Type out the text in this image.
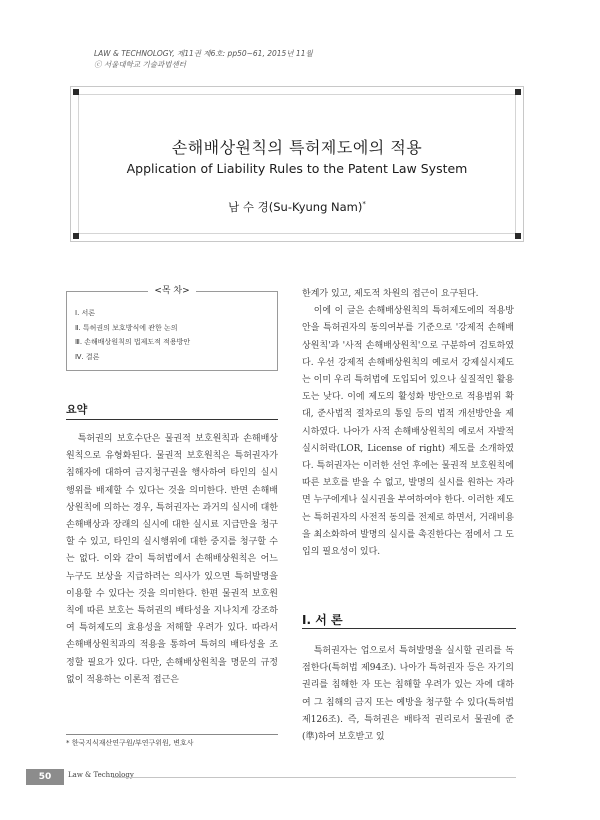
LAW & TECHNOLOGY, 제11권 제6호: pp50~61, 2015년 11월
ⓒ 서울대학교 기술과법센터
손해배상원칙의 특허제도에의 적용
Application of Liability Rules to the Patent Law System
남 수 경(Su-Kyung Nam)*
<목 차>
Ⅰ. 서론
Ⅱ. 특허권의 보호방식에 관한 논의
Ⅲ. 손해배상원칙의 법제도적 적용방안
Ⅳ. 결론
요약

특허권의 보호수단은 물권적 보호원칙과 손해배상원칙으로 유형화된다. 물권적 보호원칙은 특허권자가 침해자에 대하여 금지청구권을 행사하여 타인의 실시행위를 배제할 수 있다는 것을 의미한다. 반면 손해배상원칙에 의하는 경우, 특허권자는 과거의 실시에 대한 손해배상과 장래의 실시에 대한 실시료 지급만을 청구할 수 있고, 타인의 실시행위에 대한 중지를 청구할 수는 없다. 이와 같이 특허법에서 손해배상원칙은 어느 누구도 보상을 지급하려는 의사가 있으면 특허발명을 이용할 수 있다는 것을 의미한다. 한편 물권적 보호원칙에 따른 보호는 특허권의 배타성을 지나치게 강조하여 특허제도의 효용성을 저해할 우려가 있다. 따라서 손해배상원칙과의 적용을 통하여 특허의 배타성을 조정할 필요가 있다. 다만, 손해배상원칙을 명문의 규정 없이 적용하는 이론적 접근은

한계가 있고, 제도적 차원의 접근이 요구된다.

이에 이 글은 손해배상원칙의 특허제도에의 적용방안을 특허권자의 동의여부를 기준으로 '강제적 손해배상원칙'과 '사적 손해배상원칙'으로 구분하여 검토하였다. 우선 강제적 손해배상원칙의 예로서 강제실시제도는 이미 우리 특허법에 도입되어 있으나 실질적인 활용도는 낮다. 이에 제도의 활성화 방안으로 적용범위 확대, 준사법적 절차로의 통일 등의 법적 개선방안을 제시하였다. 나아가 사적 손해배상원칙의 예로서 자발적 실시허락(LOR, License of right) 제도를 소개하였다. 특허권자는 이러한 선언 후에는 물권적 보호원칙에 따른 보호를 받을 수 없고, 발명의 실시를 원하는 자라면 누구에게나 실시권을 부여하여야 한다. 이러한 제도는 특허권자의 사전적 동의를 전제로 하면서, 거래비용을 최소화하여 발명의 실시를 촉진한다는 점에서 그 도입의 필요성이 있다.

Ⅰ. 서 론

특허권자는 업으로서 특허발명을 실시할 권리를 독점한다(특허법 제94조). 나아가 특허권자 등은 자기의 권리를 침해한 자 또는 침해할 우려가 있는 자에 대하여 그 침해의 금지 또는 예방을 청구할 수 있다(특허법 제126조). 즉, 특허권은 배타적 권리로서 물권에 준(準)하여 보호받고 있

* 한국지식재산연구원/부연구위원, 변호사
50	Law & Technology
